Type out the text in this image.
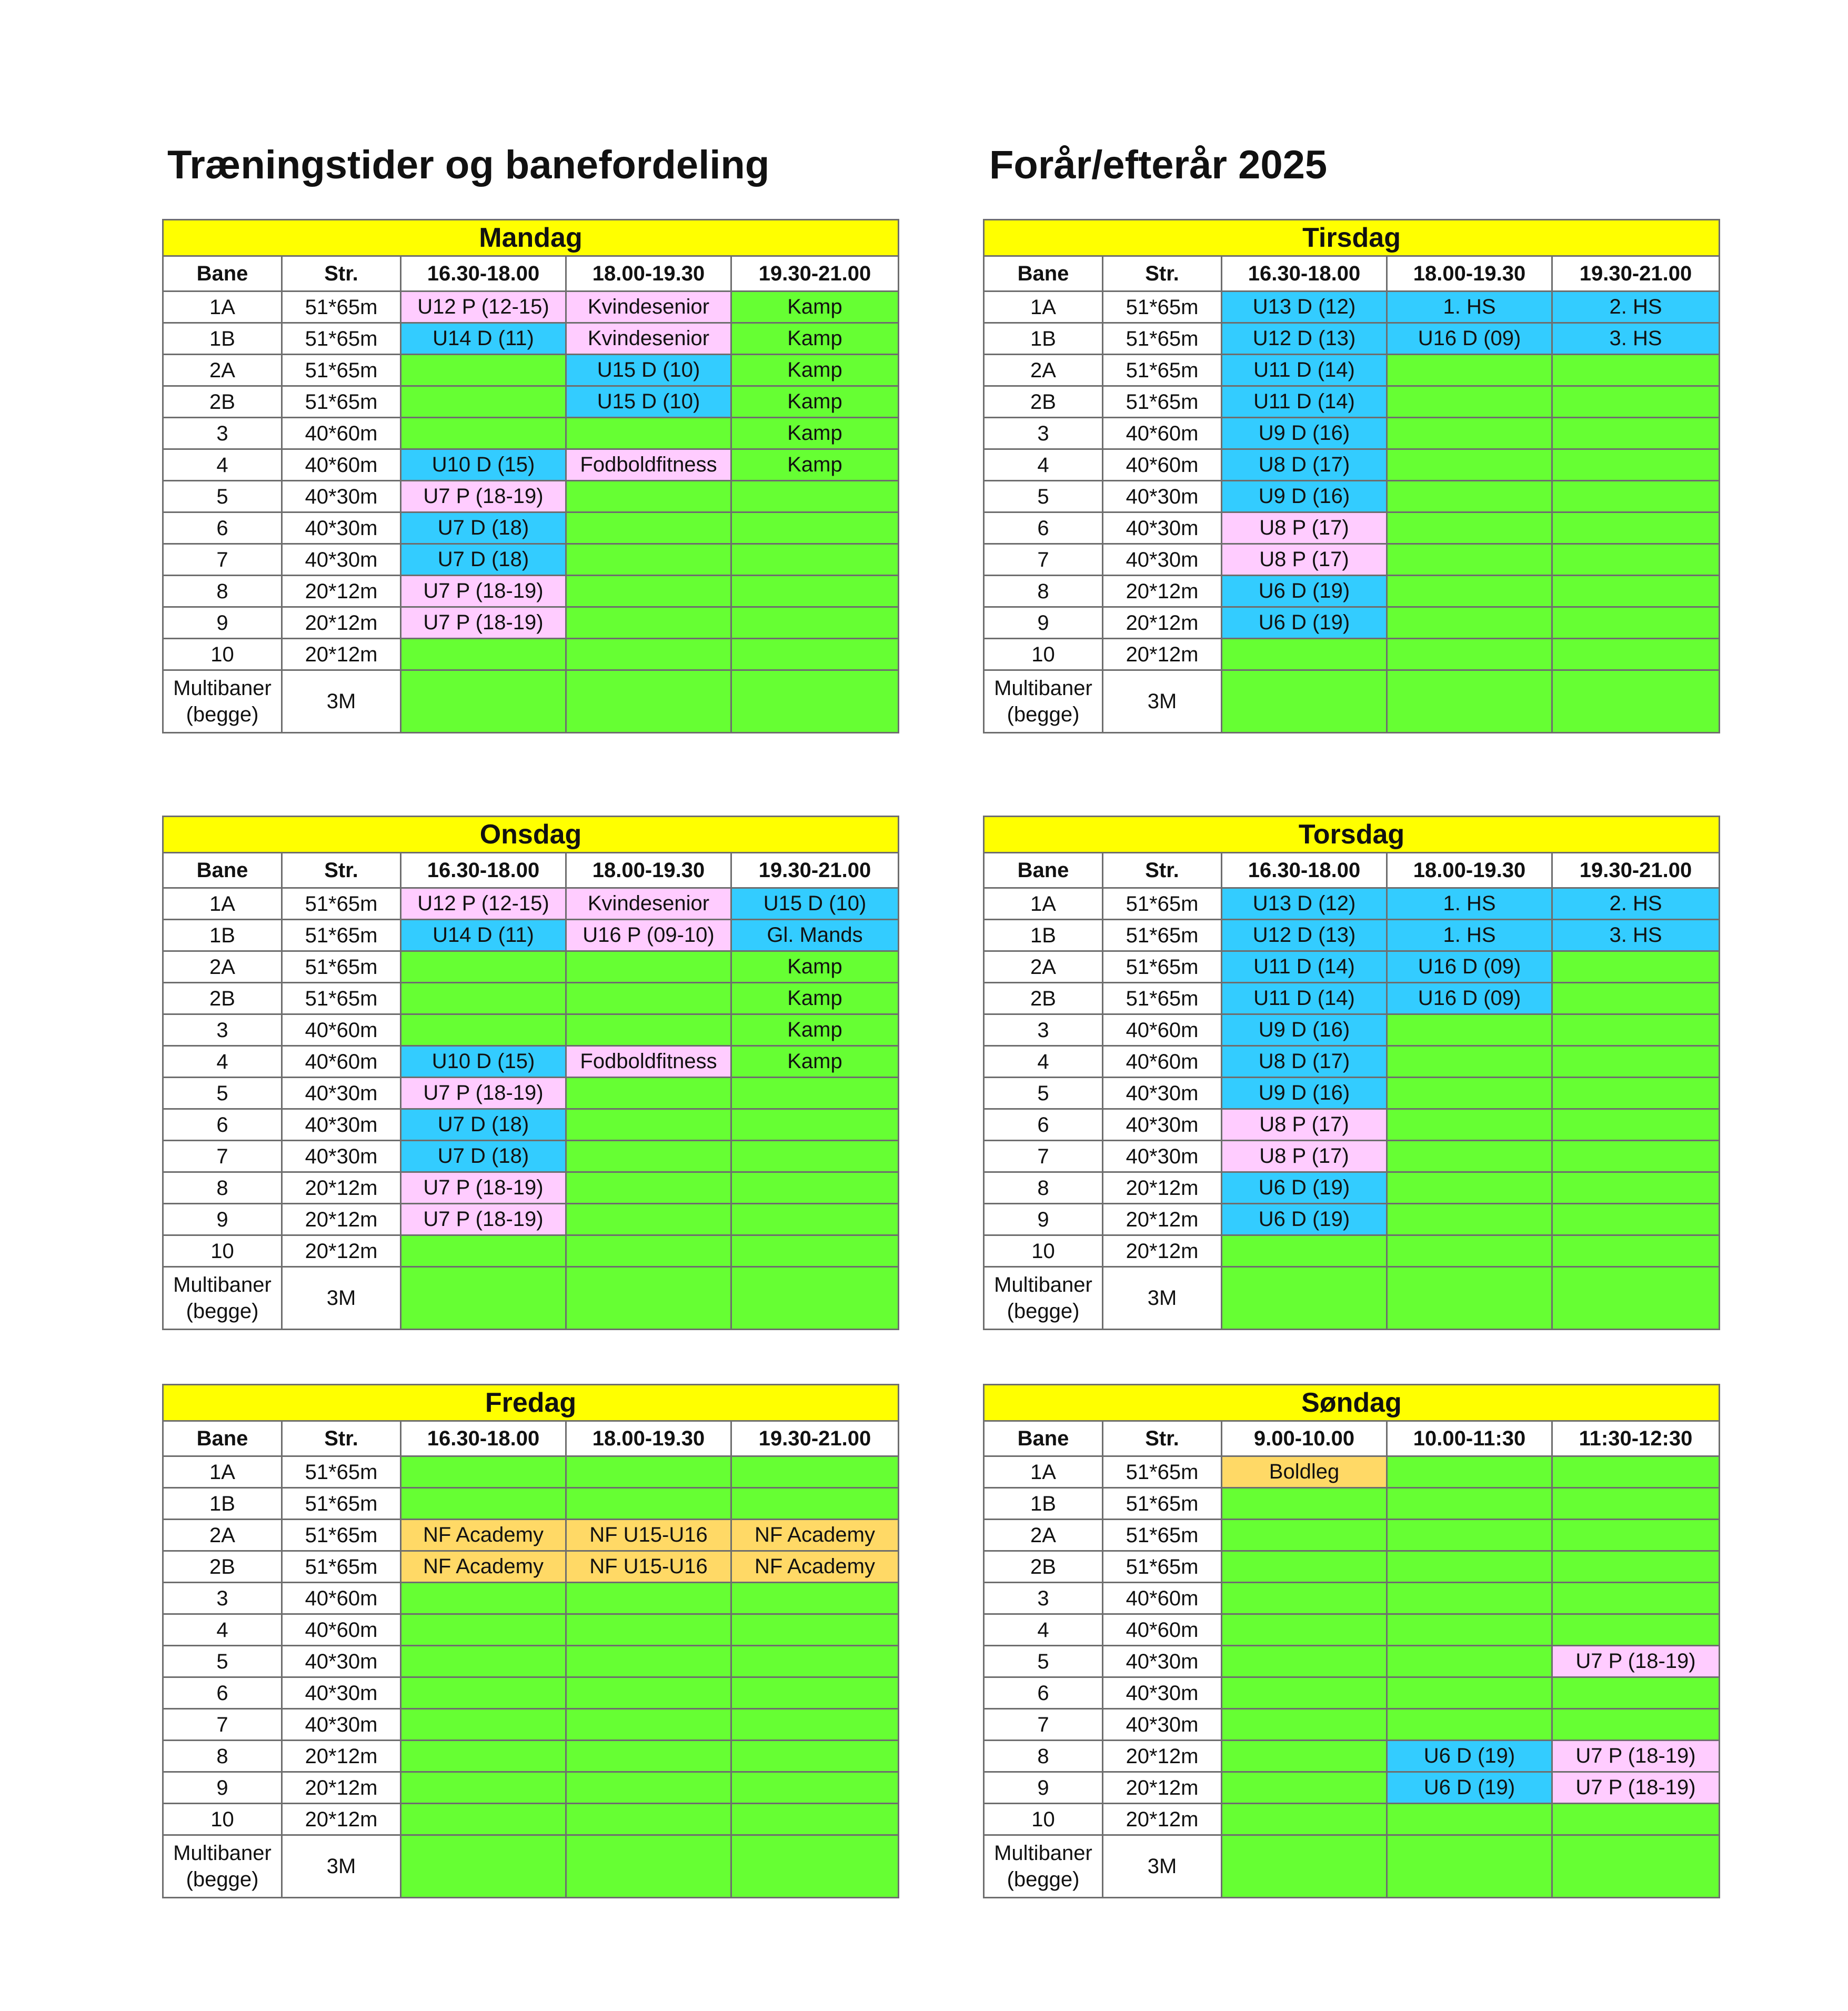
Træningstider og banefordeling	Forår/efterår 2025
Mandag				
Bane	Str.	16.30-18.00	18.00-19.30	19.30-21.00
1A	51*65m	U12 P (12-15)	Kvindesenior	Kamp
1B	51*65m	U14 D (11)	Kvindesenior	Kamp
2A	51*65m		U15 D (10)	Kamp
2B	51*65m		U15 D (10)	Kamp
3	40*60m			Kamp
4	40*60m	U10 D (15)	Fodboldfitness	Kamp
5	40*30m	U7 P (18-19)		
6	40*30m	U7 D (18)		
7	40*30m	U7 D (18)		
8	20*12m	U7 P (18-19)		
9	20*12m	U7 P (18-19)		
10	20*12m			

Multibaner
(begge)	3M			
Tirsdag				
Bane	Str.	16.30-18.00	18.00-19.30	19.30-21.00
1A	51*65m	U13 D (12)	1. HS	2. HS
1B	51*65m	U12 D (13)	U16 D (09)	3. HS
2A	51*65m	U11 D (14)		
2B	51*65m	U11 D (14)		
3	40*60m	U9 D (16)		
4	40*60m	U8 D (17)		
5	40*30m	U9 D (16)		
6	40*30m	U8 P (17)		
7	40*30m	U8 P (17)		
8	20*12m	U6 D (19)		
9	20*12m	U6 D (19)		
10	20*12m			

Multibaner
(begge)	3M			
Onsdag				
Bane	Str.	16.30-18.00	18.00-19.30	19.30-21.00
1A	51*65m	U12 P (12-15)	Kvindesenior	U15 D (10)
1B	51*65m	U14 D (11)	U16 P (09-10)	Gl. Mands
2A	51*65m			Kamp
2B	51*65m			Kamp
3	40*60m			Kamp
4	40*60m	U10 D (15)	Fodboldfitness	Kamp
5	40*30m	U7 P (18-19)		
6	40*30m	U7 D (18)		
7	40*30m	U7 D (18)		
8	20*12m	U7 P (18-19)		
9	20*12m	U7 P (18-19)		
10	20*12m			

Multibaner
(begge)	3M			
Torsdag				
Bane	Str.	16.30-18.00	18.00-19.30	19.30-21.00
1A	51*65m	U13 D (12)	1. HS	2. HS
1B	51*65m	U12 D (13)	1. HS	3. HS
2A	51*65m	U11 D (14)	U16 D (09)	
2B	51*65m	U11 D (14)	U16 D (09)	
3	40*60m	U9 D (16)		
4	40*60m	U8 D (17)		
5	40*30m	U9 D (16)		
6	40*30m	U8 P (17)		
7	40*30m	U8 P (17)		
8	20*12m	U6 D (19)		
9	20*12m	U6 D (19)		
10	20*12m			

Multibaner
(begge)	3M			
Fredag				
Bane	Str.	16.30-18.00	18.00-19.30	19.30-21.00
1A	51*65m			
1B	51*65m			
2A	51*65m	NF Academy	NF U15-U16	NF Academy
2B	51*65m	NF Academy	NF U15-U16	NF Academy
3	40*60m			
4	40*60m			
5	40*30m			
6	40*30m			
7	40*30m			
8	20*12m			
9	20*12m			
10	20*12m			

Multibaner
(begge)	3M			
Søndag				
Bane	Str.	9.00-10.00	10.00-11:30	11:30-12:30
1A	51*65m	Boldleg		
1B	51*65m			
2A	51*65m			
2B	51*65m			
3	40*60m			
4	40*60m			
5	40*30m			U7 P (18-19)
6	40*30m			
7	40*30m			
8	20*12m		U6 D (19)	U7 P (18-19)
9	20*12m		U6 D (19)	U7 P (18-19)
10	20*12m			

Multibaner
(begge)	3M			
